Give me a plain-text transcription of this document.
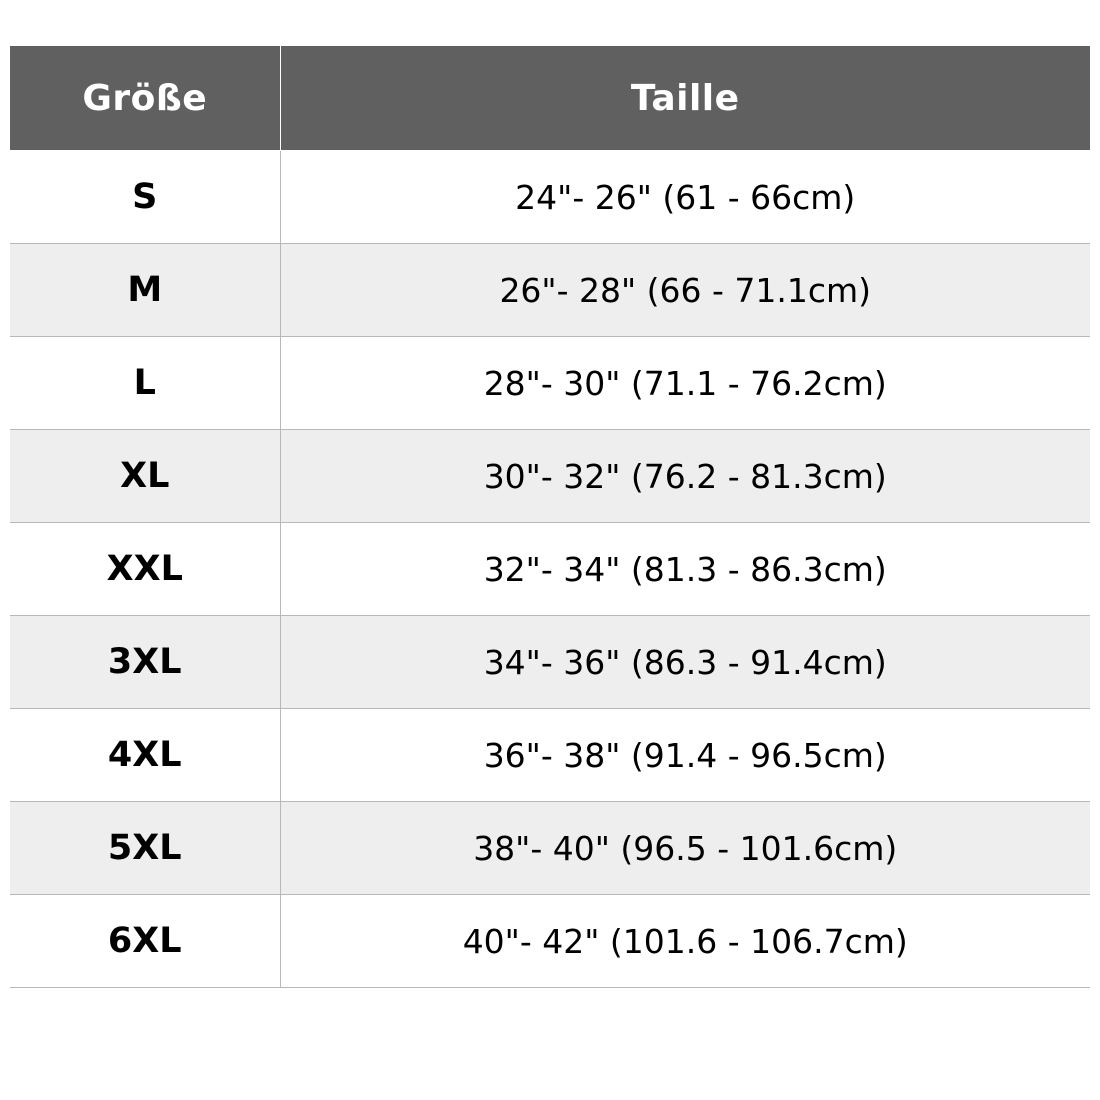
Größe	Taille
S	24"- 26" (61 - 66cm)
M	26"- 28" (66 - 71.1cm)
L	28"- 30" (71.1 - 76.2cm)
XL	30"- 32" (76.2 - 81.3cm)
XXL	32"- 34" (81.3 - 86.3cm)
3XL	34"- 36" (86.3 - 91.4cm)
4XL	36"- 38" (91.4 - 96.5cm)
5XL	38"- 40" (96.5 - 101.6cm)
6XL	40"- 42" (101.6 - 106.7cm)
